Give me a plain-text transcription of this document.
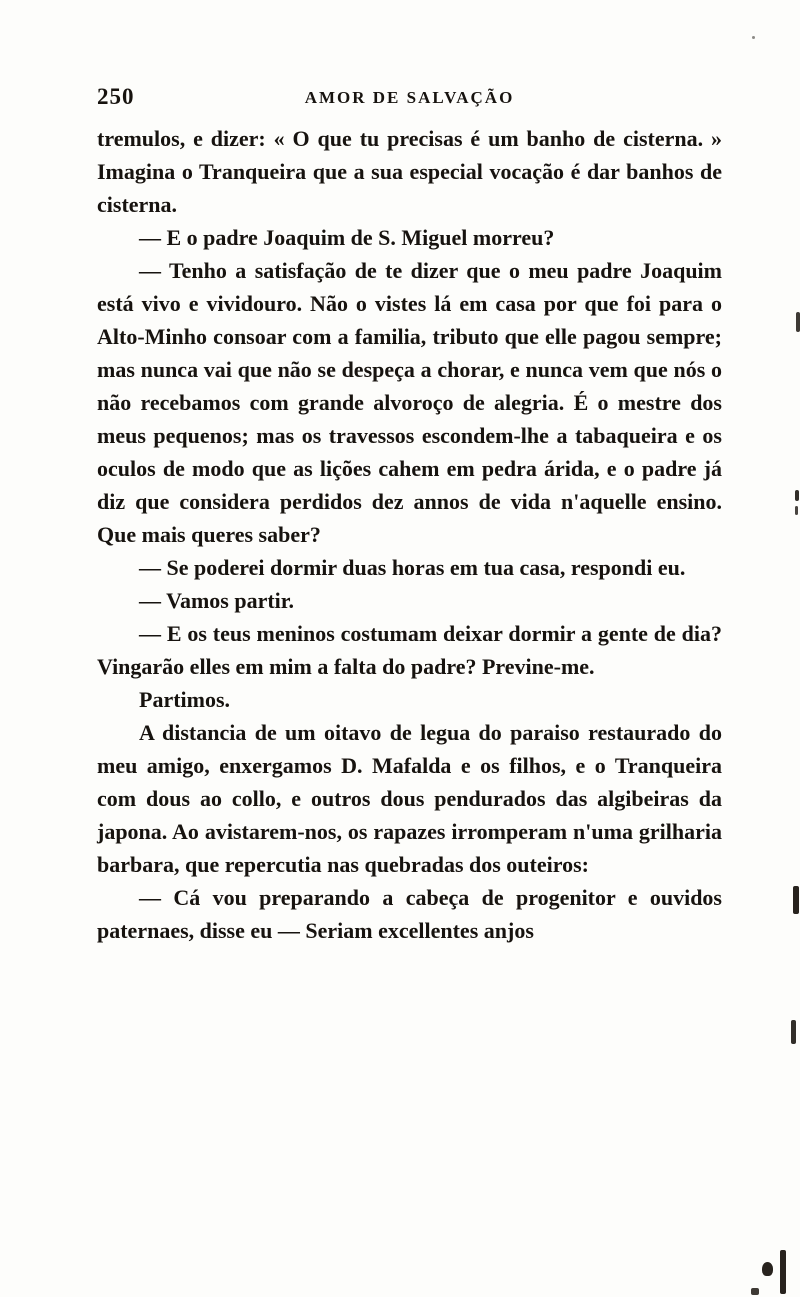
250	AMOR DE SALVAÇÃO

tremulos, e dizer: « O que tu precisas é um banho de cisterna. » Imagina o Tranqueira que a sua especial vocação é dar banhos de cisterna.

— E o padre Joaquim de S. Miguel morreu?

— Tenho a satisfação de te dizer que o meu padre Joaquim está vivo e vividouro. Não o vistes lá em casa por que foi para o Alto-Minho consoar com a familia, tributo que elle pagou sempre; mas nunca vai que não se despeça a chorar, e nunca vem que nós o não recebamos com grande alvoroço de alegria. É o mestre dos meus pequenos; mas os travessos escondem-lhe a tabaqueira e os oculos de modo que as lições cahem em pedra árida, e o padre já diz que considera perdidos dez annos de vida n'aquelle ensino. Que mais queres saber?

— Se poderei dormir duas horas em tua casa, respondi eu.

— Vamos partir.

— E os teus meninos costumam deixar dormir a gente de dia? Vingarão elles em mim a falta do padre? Previne-me.

Partimos.

A distancia de um oitavo de legua do paraiso restaurado do meu amigo, enxergamos D. Mafalda e os filhos, e o Tranqueira com dous ao collo, e outros dous pendurados das algibeiras da japona. Ao avistarem-nos, os rapazes irromperam n'uma grilharia barbara, que repercutia nas quebradas dos outeiros:

— Cá vou preparando a cabeça de progenitor e ouvidos paternaes, disse eu — Seriam excellentes anjos
